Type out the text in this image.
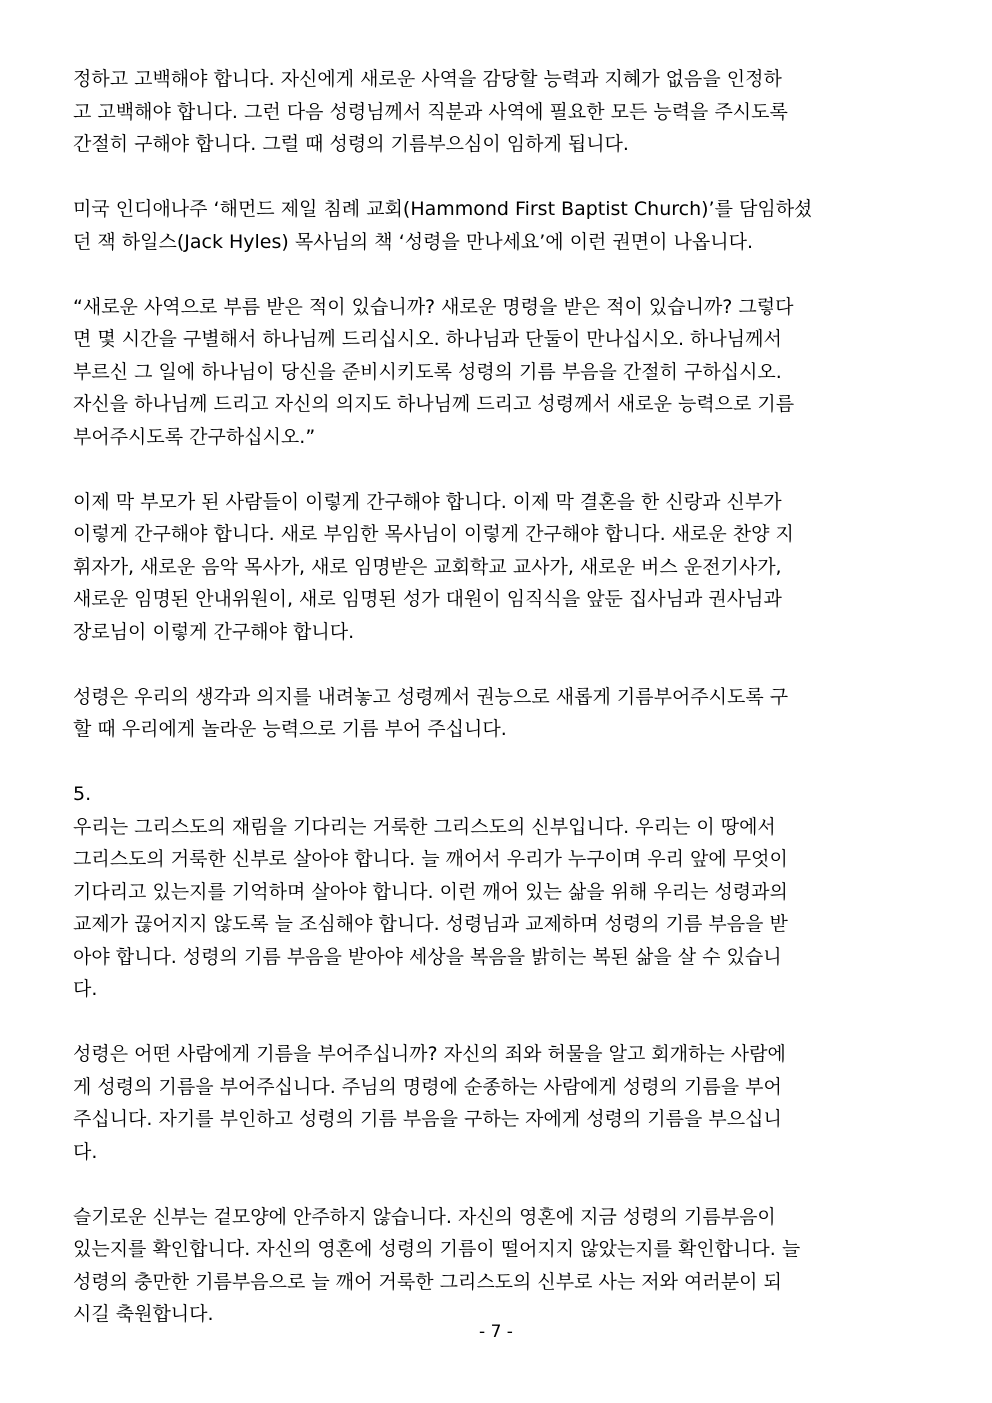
정하고 고백해야 합니다. 자신에게 새로운 사역을 감당할 능력과 지혜가 없음을 인정하
고 고백해야 합니다. 그런 다음 성령님께서 직분과 사역에 필요한 모든 능력을 주시도록
간절히 구해야 합니다. 그럴 때 성령의 기름부으심이 임하게 됩니다.

미국 인디애나주 ‘해먼드 제일 침례 교회(Hammond First Baptist Church)’를 담임하셨
던 잭 하일스(Jack Hyles) 목사님의 책 ‘성령을 만나세요’에 이런 권면이 나옵니다.

“새로운 사역으로 부름 받은 적이 있습니까? 새로운 명령을 받은 적이 있습니까? 그렇다
면 몇 시간을 구별해서 하나님께 드리십시오. 하나님과 단둘이 만나십시오. 하나님께서
부르신 그 일에 하나님이 당신을 준비시키도록 성령의 기름 부음을 간절히 구하십시오.
자신을 하나님께 드리고 자신의 의지도 하나님께 드리고 성령께서 새로운 능력으로 기름
부어주시도록 간구하십시오.”

이제 막 부모가 된 사람들이 이렇게 간구해야 합니다. 이제 막 결혼을 한 신랑과 신부가
이렇게 간구해야 합니다. 새로 부임한 목사님이 이렇게 간구해야 합니다. 새로운 찬양 지
휘자가, 새로운 음악 목사가, 새로 임명받은 교회학교 교사가, 새로운 버스 운전기사가,
새로운 임명된 안내위원이, 새로 임명된 성가 대원이 임직식을 앞둔 집사님과 권사님과
장로님이 이렇게 간구해야 합니다.

성령은 우리의 생각과 의지를 내려놓고 성령께서 권능으로 새롭게 기름부어주시도록 구
할 때 우리에게 놀라운 능력으로 기름 부어 주십니다.

5.
우리는 그리스도의 재림을 기다리는 거룩한 그리스도의 신부입니다. 우리는 이 땅에서
그리스도의 거룩한 신부로 살아야 합니다. 늘 깨어서 우리가 누구이며 우리 앞에 무엇이
기다리고 있는지를 기억하며 살아야 합니다. 이런 깨어 있는 삶을 위해 우리는 성령과의
교제가 끊어지지 않도록 늘 조심해야 합니다. 성령님과 교제하며 성령의 기름 부음을 받
아야 합니다. 성령의 기름 부음을 받아야 세상을 복음을 밝히는 복된 삶을 살 수 있습니
다.

성령은 어떤 사람에게 기름을 부어주십니까? 자신의 죄와 허물을 알고 회개하는 사람에
게 성령의 기름을 부어주십니다. 주님의 명령에 순종하는 사람에게 성령의 기름을 부어
주십니다. 자기를 부인하고 성령의 기름 부음을 구하는 자에게 성령의 기름을 부으십니
다.

슬기로운 신부는 겉모양에 안주하지 않습니다. 자신의 영혼에 지금 성령의 기름부음이
있는지를 확인합니다. 자신의 영혼에 성령의 기름이 떨어지지 않았는지를 확인합니다. 늘
성령의 충만한 기름부음으로 늘 깨어 거룩한 그리스도의 신부로 사는 저와 여러분이 되
시길 축원합니다.

- 7 -
